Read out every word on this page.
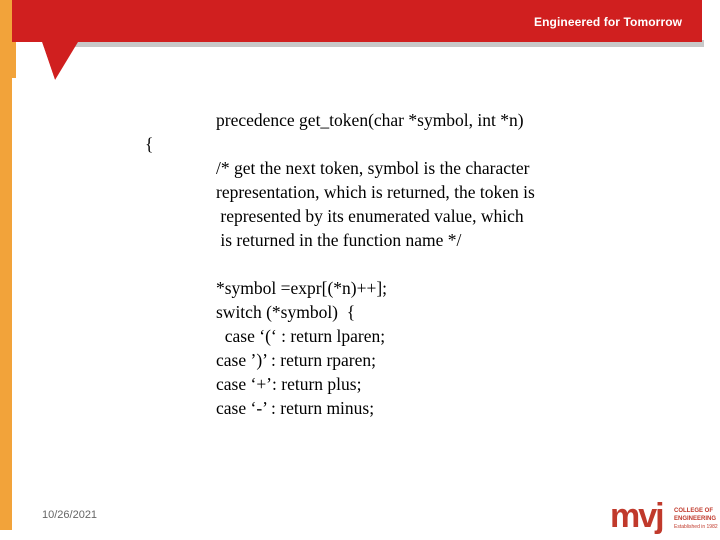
Engineered for Tomorrow
precedence get_token(char *symbol, int *n)
{
/* get the next token, symbol is the character
representation, which is returned, the token is
represented by its enumerated value, which
is returned in the function name */
*symbol =expr[(*n)++];
switch (*symbol)  {
case ‘(‘ : return lparen;
case ’)’ : return rparen;
case ‘+’: return plus;
case ‘-’ : return minus;
10/26/2021	mvj COLLEGE OF
ENGINEERING
Established in 1982
